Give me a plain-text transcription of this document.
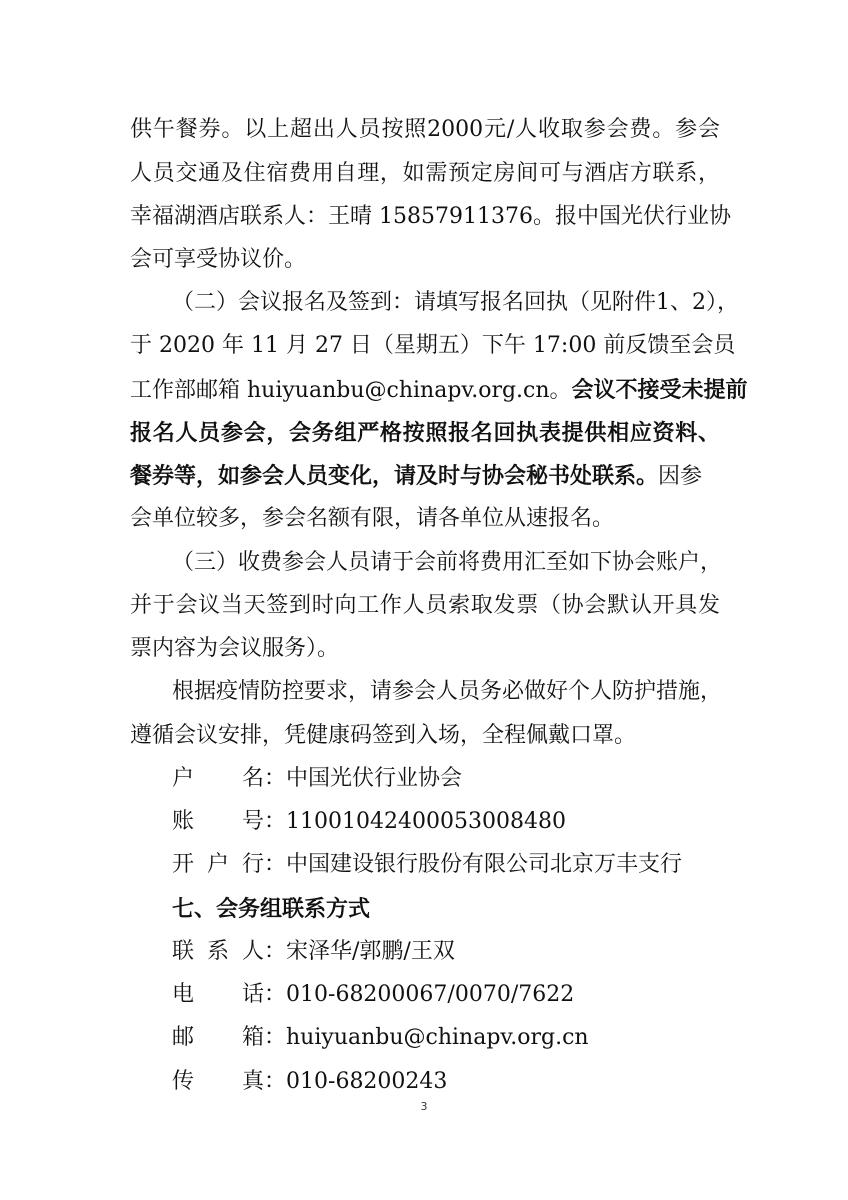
供午餐券。以上超出人员按照2000元/人收取参会费。参会
人员交通及住宿费用自理，如需预定房间可与酒店方联系，
幸福湖酒店联系人：王晴 15857911376。报中国光伏行业协
会可享受协议价。
（二）会议报名及签到：请填写报名回执（见附件1、2），
于 2020 年 11 月 27 日（星期五）下午 17:00 前反馈至会员
工作部邮箱 huiyuanbu@chinapv.org.cn。会议不接受未提前
报名人员参会，会务组严格按照报名回执表提供相应资料、
餐券等，如参会人员变化，请及时与协会秘书处联系。因参
会单位较多，参会名额有限，请各单位从速报名。
（三）收费参会人员请于会前将费用汇至如下协会账户，
并于会议当天签到时向工作人员索取发票（协会默认开具发
票内容为会议服务）。
根据疫情防控要求，请参会人员务必做好个人防护措施，
遵循会议安排，凭健康码签到入场，全程佩戴口罩。
户名：中国光伏行业协会
账号：110010424000530084​80
开户行：中国建设银行股份有限公司北京万丰支行
七、会务组联系方式
联系人：宋泽华/郭鹏/王双
电话：010-68200067/0070/7622
邮箱：huiyuanbu@chinapv.org.cn
传真：010-68200243
3
